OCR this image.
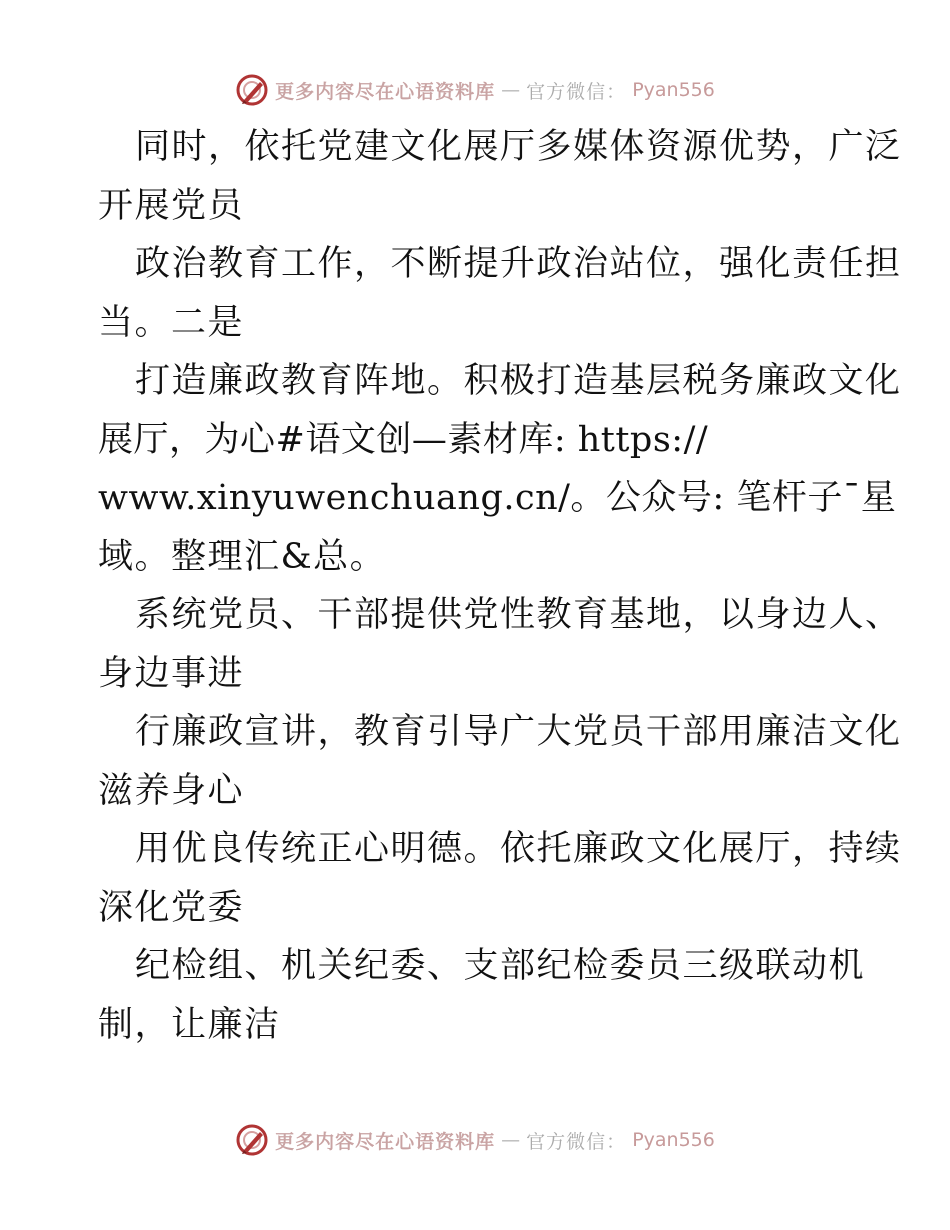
更多内容尽在心语资料库 — 官方微信： Pyan556
同时，依托党建文化展厅多媒体资源优势，广泛
开展党员
政治教育工作，不断提升政治站位，强化责任担
当。二是
打造廉政教育阵地。积极打造基层税务廉政文化
展厅，为心#语文创—素材库: https://
www.xinyuwenchuang.cn/。公众号: 笔杆子¯星
域。整理汇&总。
系统党员、干部提供党性教育基地，以身边人、
身边事进
行廉政宣讲，教育引导广大党员干部用廉洁文化
滋养身心
用优良传统正心明德。依托廉政文化展厅，持续
深化党委
纪检组、机关纪委、支部纪检委员三级联动机
制，让廉洁
更多内容尽在心语资料库 — 官方微信： Pyan556
